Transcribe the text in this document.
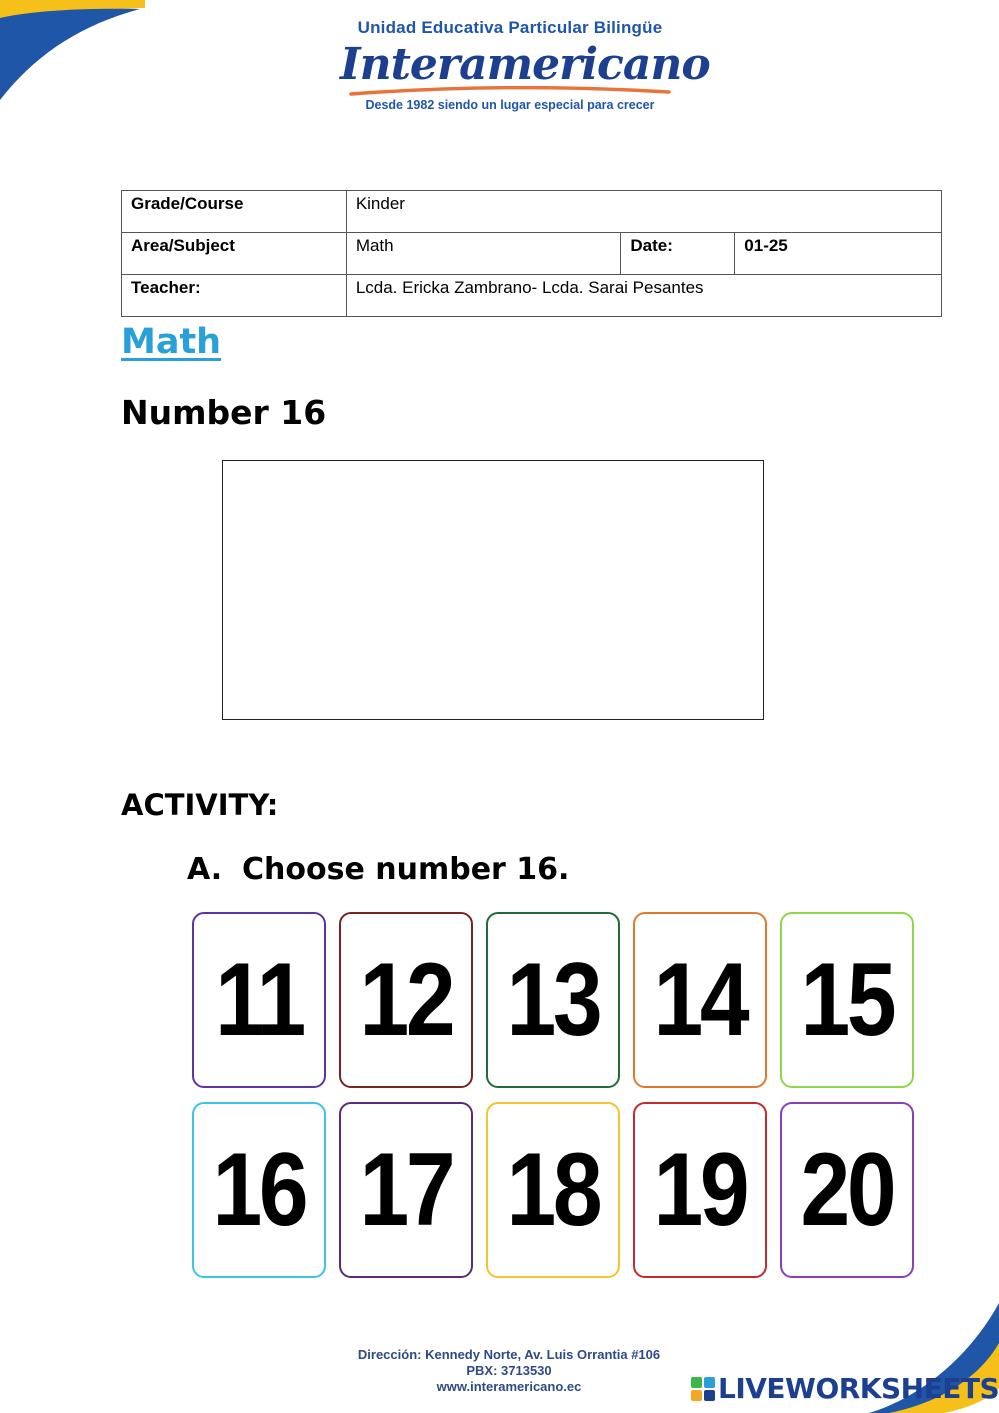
Unidad Educativa Particular Bilingüe
Interamericano
Desde 1982 siendo un lugar especial para crecer
Grade/Course	Kinder		
Area/Subject	Math	Date:	01-25
Teacher:	Lcda. Ericka Zambrano- Lcda. Sarai Pesantes		
Math
Number 16
ACTIVITY:
A. Choose number 16.
11 12 13 14 15
16 17 18 19 20
Dirección: Kennedy Norte, Av. Luis Orrantia #106
PBX: 3713530
www.interamericano.ec	LIVEWORKSHEETS
